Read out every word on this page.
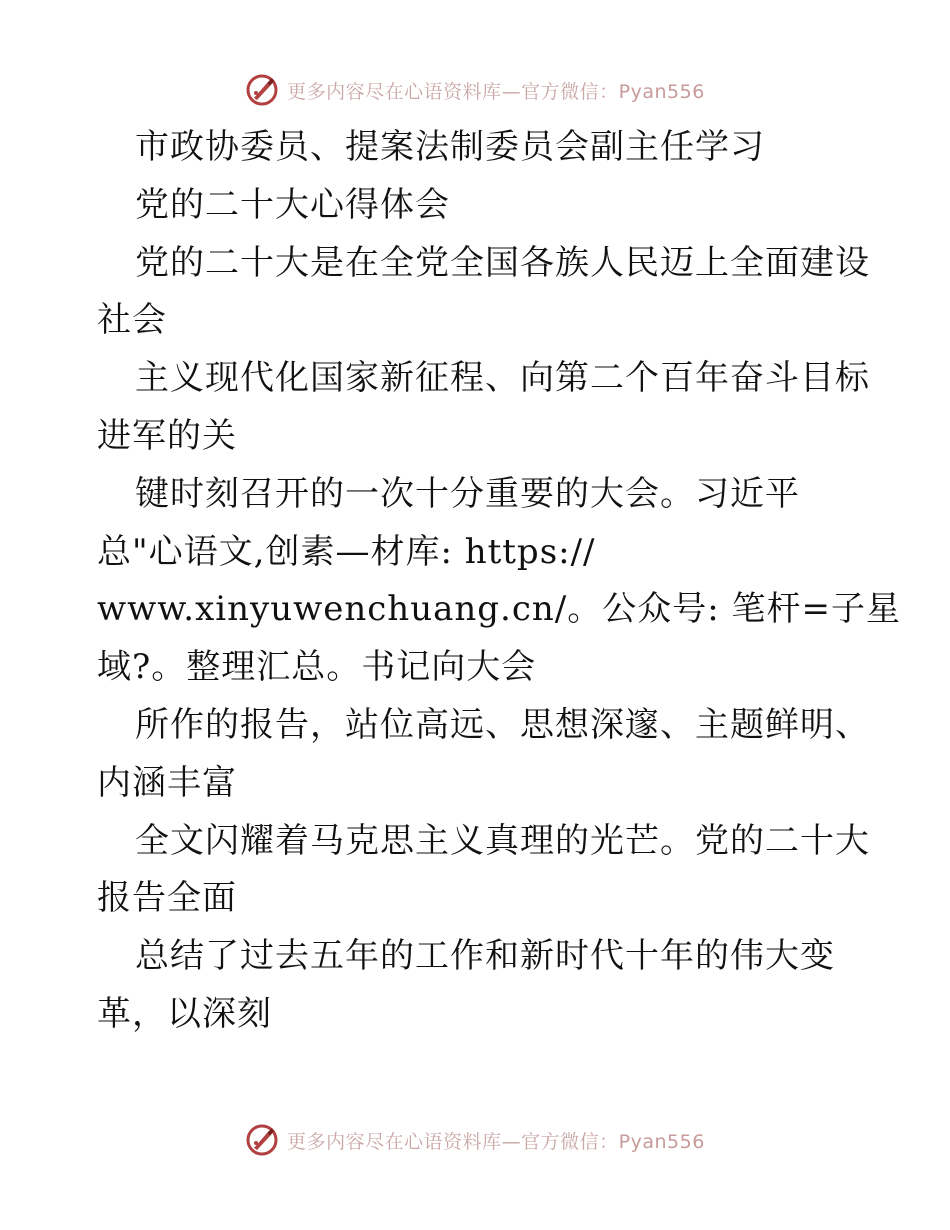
更多内容尽在心语资料库—官方微信：Pyan556
市政协委员、提案法制委员会副主任学习
党的二十大心得体会
党的二十大是在全党全国各族人民迈上全面建设
社会
主义现代化国家新征程、向第二个百年奋斗目标
进军的关
键时刻召开的一次十分重要的大会。习近平
总"心语文,创素—材库: https://
www.xinyuwenchuang.cn/。公众号: 笔杆=子星
域?。整理汇总。书记向大会
所作的报告，站位高远、思想深邃、主题鲜明、
内涵丰富
全文闪耀着马克思主义真理的光芒。党的二十大
报告全面
总结了过去五年的工作和新时代十年的伟大变
革，以深刻
更多内容尽在心语资料库—官方微信：Pyan556
